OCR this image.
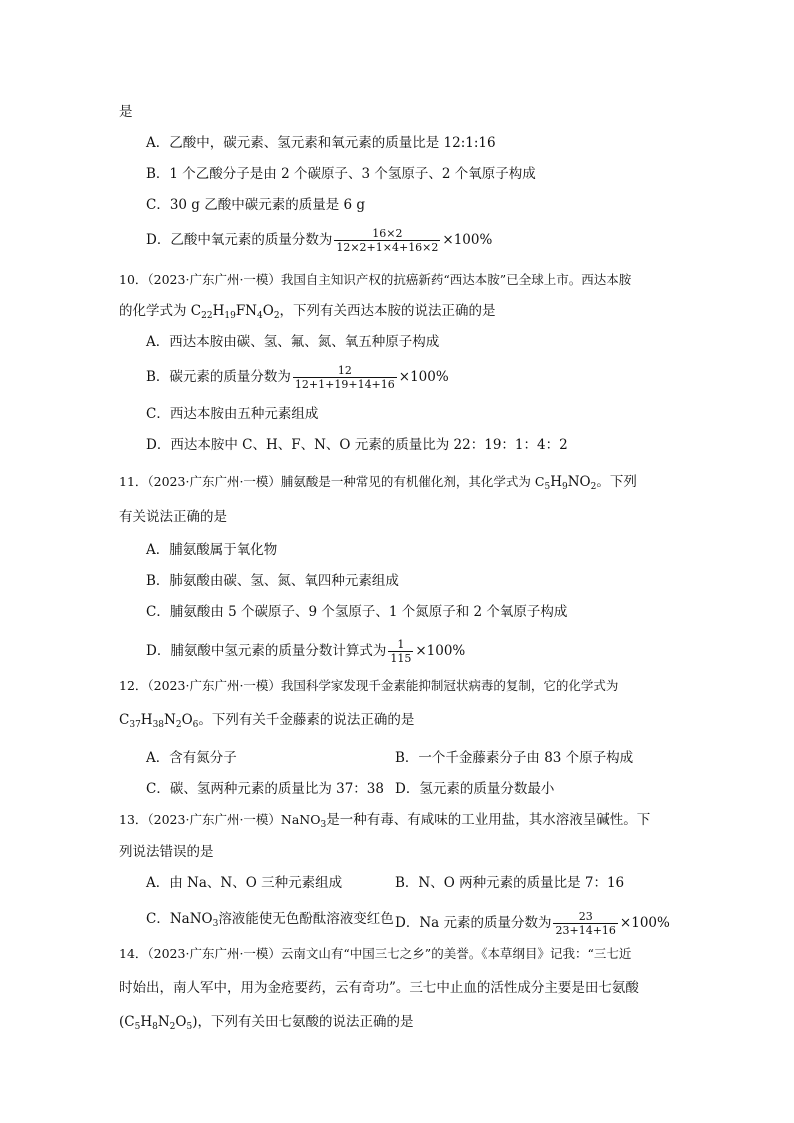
是
A．乙酸中，碳元素、氢元素和氧元素的质量比是 12:1:16
B．1 个乙酸分子是由 2 个碳原子、3 个氢原子、2 个氧原子构成
C．30 g 乙酸中碳元素的质量是 6 g
D．乙酸中氧元素的质量分数为 $\frac{16\times 2}{12\times 2+1\times 4+16\times 2} \times 100\%$
10．（2023·广东广州·一模）我国自主知识产权的抗癌新药“西达本胺”已全球上市。西达本胺
的化学式为 $C_{22}H_{19}FN_4O_2$，下列有关西达本胺的说法正确的是
A．西达本胺由碳、氢、氟、氮、氧五种原子构成
B．碳元素的质量分数为 $\frac{12}{12+1+19+14+16} \times 100\%$
C．西达本胺由五种元素组成
D．西达本胺中 C、H、F、N、O 元素的质量比为 22：19：1：4：2
11．（2023·广东广州·一模）脯氨酸是一种常见的有机催化剂，其化学式为 $C_5H_9NO_2$。下列
有关说法正确的是
A．脯氨酸属于氧化物
B．肺氨酸由碳、氢、氮、氧四种元素组成
C．脯氨酸由 5 个碳原子、9 个氢原子、1 个氮原子和 2 个氧原子构成
D．脯氨酸中氢元素的质量分数计算式为 $\frac{1}{115} \times 100\%$
12．（2023·广东广州·一模）我国科学家发现千金素能抑制冠状病毒的复制，它的化学式为
$C_{37}H_{38}N_2O_6$。下列有关千金藤素的说法正确的是
A．含有氮分子	B．一个千金藤素分子由 83 个原子构成
C．碳、氢两种元素的质量比为 37：38 D．氢元素的质量分数最小
13．（2023·广东广州·一模）NaNO$_3$是一种有毒、有咸味的工业用盐，其水溶液呈碱性。下
列说法错误的是
A．由 Na、N、O 三种元素组成	B．N、O 两种元素的质量比是 7：16
C．NaNO$_3$溶液能使无色酚酞溶液变红色 D．Na 元素的质量分数为 $\frac{23}{23+14+16} \times 100\%$
14．（2023·广东广州·一模）云南文山有“中国三七之乡”的美誉。《本草纲目》记我：“三七近
时始出，南人军中，用为金疮要药，云有奇功”。三七中止血的活性成分主要是田七氨酸
$(C_5H_8N_2O_5)$，下列有关田七氨酸的说法正确的是
